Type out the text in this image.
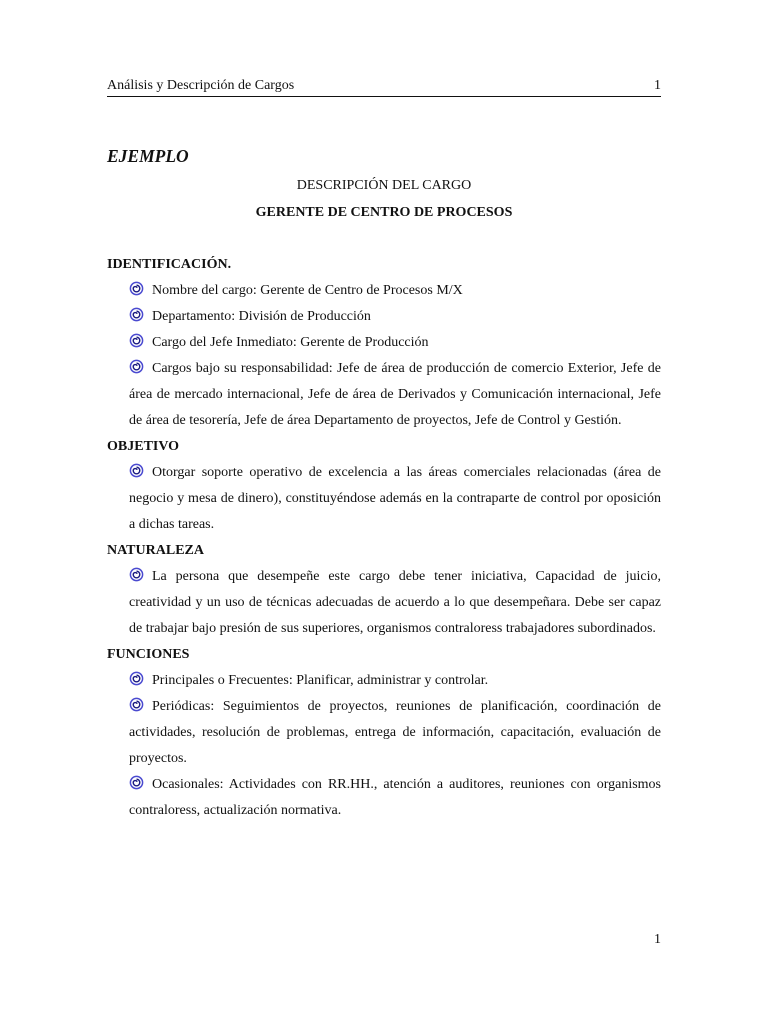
Análisis y Descripción de Cargos	1
EJEMPLO
DESCRIPCIÓN DEL CARGO
GERENTE DE CENTRO DE PROCESOS

IDENTIFICACIÓN.

Nombre del cargo: Gerente de Centro de Procesos M/X

Departamento: División de Producción

Cargo del Jefe Inmediato: Gerente de Producción

Cargos bajo su responsabilidad: Jefe de área de producción de comercio Exterior, Jefe de área de mercado internacional, Jefe de área de Derivados y Comunicación internacional, Jefe de área de tesorería, Jefe de área Departamento de proyectos, Jefe de Control y Gestión.

OBJETIVO

Otorgar soporte operativo de excelencia a las áreas comerciales relacionadas (área de negocio y mesa de dinero), constituyéndose además en la contraparte de control por oposición a dichas tareas.

NATURALEZA

La persona que desempeñe este cargo debe tener iniciativa, Capacidad de juicio, creatividad y un uso de técnicas adecuadas de acuerdo a lo que desempeñara. Debe ser capaz de trabajar bajo presión de sus superiores, organismos contraloress trabajadores subordinados.

FUNCIONES

Principales o Frecuentes: Planificar, administrar y controlar.

Periódicas: Seguimientos de proyectos, reuniones de planificación, coordinación de actividades, resolución de problemas, entrega de información, capacitación, evaluación de proyectos.

Ocasionales: Actividades con RR.HH., atención a auditores, reuniones con organismos contraloress, actualización normativa.

1
